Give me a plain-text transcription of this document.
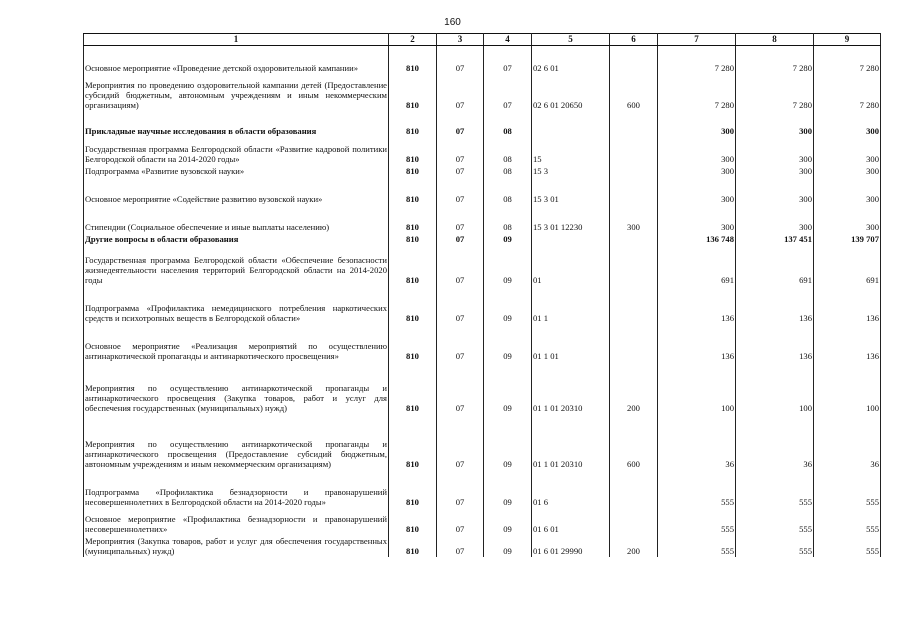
160
1	2	3	4	5	6	7	8	9
Основное мероприятие «Проведение детской оздоровительной кампании»	810	07	07	02 6 01		7 280	7 280	7 280
Мероприятия по проведению оздоровительной кампании детей (Предоставление субсидий бюджетным, автономным учреждениям и иным некоммерческим организациям)	810	07	07	02 6 01 20650	600	7 280	7 280	7 280
Прикладные научные исследования в области образования	810	07	08			300	300	300
Государственная программа Белгородской области «Развитие кадровой политики Белгородской области на 2014-2020 годы»	810	07	08	15		300	300	300
Подпрограмма «Развитие вузовской науки»	810	07	08	15 3		300	300	300
Основное мероприятие «Содействие развитию вузовской науки»	810	07	08	15 3 01		300	300	300
Стипендии (Социальное обеспечение и иные выплаты населению)	810	07	08	15 3 01 12230	300	300	300	300
Другие вопросы в области образования	810	07	09			136 748	137 451	139 707
Государственная программа Белгородской области «Обеспечение безопасности жизнедеятельности населения территорий Белгородской области на 2014-2020 годы	810	07	09	01		691	691	691
Подпрограмма «Профилактика немедицинского потребления наркотических средств и психотропных веществ в Белгородской области»	810	07	09	01 1		136	136	136
Основное мероприятие «Реализация мероприятий по осуществлению антинаркотической пропаганды и антинаркотического просвещения»	810	07	09	01 1 01		136	136	136
Мероприятия по осуществлению антинаркотической пропаганды и антинаркотического просвещения (Закупка товаров, работ и услуг для обеспечения государственных (муниципальных) нужд)	810	07	09	01 1 01 20310	200	100	100	100
Мероприятия по осуществлению антинаркотической пропаганды и антинаркотического просвещения (Предоставление субсидий бюджетным, автономным учреждениям и иным некоммерческим организациям)	810	07	09	01 1 01 20310	600	36	36	36
Подпрограмма «Профилактика безнадзорности и правонарушений несовершеннолетних в Белгородской области на 2014-2020 годы»	810	07	09	01 6		555	555	555
Основное мероприятие «Профилактика безнадзорности и правонарушений несовершеннолетних»	810	07	09	01 6 01		555	555	555
Мероприятия (Закупка товаров, работ и услуг для обеспечения государственных (муниципальных) нужд)	810	07	09	01 6 01 29990	200	555	555	555
